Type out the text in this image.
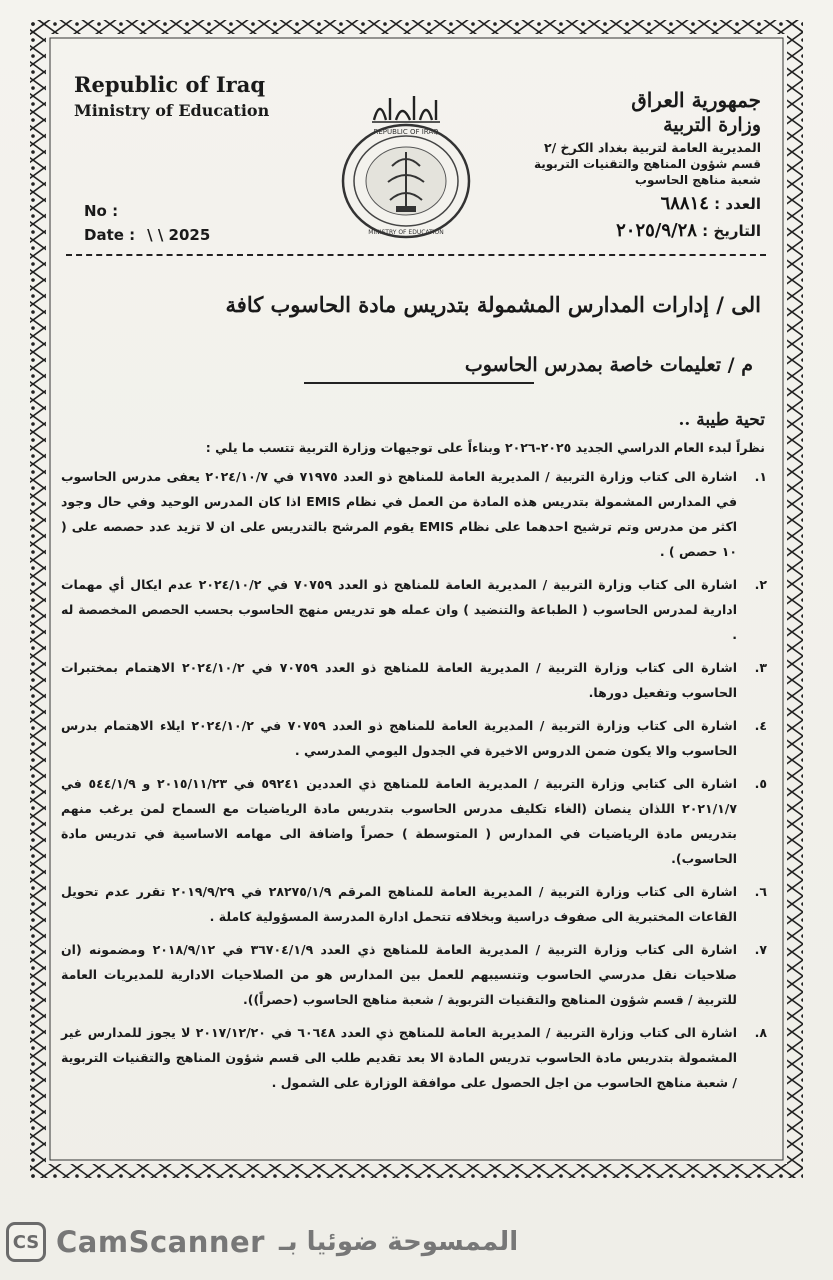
Republic of Iraq
Ministry of Education
No :
Date : \ \ 2025
REPUBLIC OF IRAQ
MINISTRY OF EDUCATION
جمهورية العراق
وزارة التربية
المديرية العامة لتربية بغداد الكرخ /٢
قسم شؤون المناهج والتقنيات التربوية
شعبة مناهج الحاسوب
العدد : ٦٨٨١٤
التاريخ : ٢٠٢٥/٩/٢٨
الى / إدارات المدارس المشمولة بتدريس مادة الحاسوب كافة
م / تعليمات خاصة بمدرس الحاسوب
تحية طيبة ..
نظراً لبدء العام الدراسي الجديد ٢٠٢٥-٢٠٢٦ وبناءاً على توجيهات وزارة التربية تتسب ما يلي :
١.
اشارة الى كتاب وزارة التربية / المديرية العامة للمناهج ذو العدد ٧١٩٧٥ في ٢٠٢٤/١٠/٧ يعفى مدرس الحاسوب في المدارس المشمولة بتدريس هذه المادة من العمل في نظام EMIS اذا كان المدرس الوحيد وفي حال وجود اكثر من مدرس وتم ترشيح احدهما على نظام EMIS يقوم المرشح بالتدريس على ان لا تزيد عدد حصصه على ( ١٠ حصص ) .
٢.
اشارة الى كتاب وزارة التربية / المديرية العامة للمناهج ذو العدد ٧٠٧٥٩ في ٢٠٢٤/١٠/٢ عدم ايكال أي مهمات ادارية لمدرس الحاسوب ( الطباعة والتنضيد ) وان عمله هو تدريس منهج الحاسوب بحسب الحصص المخصصة له .
٣.
اشارة الى كتاب وزارة التربية / المديرية العامة للمناهج ذو العدد ٧٠٧٥٩ في ٢٠٢٤/١٠/٢ الاهتمام بمختبرات الحاسوب وتفعيل دورها.
٤.
اشارة الى كتاب وزارة التربية / المديرية العامة للمناهج ذو العدد ٧٠٧٥٩ في ٢٠٢٤/١٠/٢ ايلاء الاهتمام بدرس الحاسوب والا يكون ضمن الدروس الاخيرة في الجدول اليومي المدرسي .
٥.
اشارة الى كتابي وزارة التربية / المديرية العامة للمناهج ذي العددين ٥٩٢٤١ في ٢٠١٥/١١/٢٣ و ٥٤٤/١/٩ في ٢٠٢١/١/٧ اللذان ينصان (الغاء تكليف مدرس الحاسوب بتدريس مادة الرياضيات مع السماح لمن يرغب منهم بتدريس مادة الرياضيات في المدارس ( المتوسطة ) حصراً واضافة الى مهامه الاساسية في تدريس مادة الحاسوب).
٦.
اشارة الى كتاب وزارة التربية / المديرية العامة للمناهج المرقم ٢٨٢٧٥/١/٩ في ٢٠١٩/٩/٢٩ تقرر عدم تحويل القاعات المختبرية الى صفوف دراسية وبخلافه تتحمل ادارة المدرسة المسؤولية كاملة .
٧.
اشارة الى كتاب وزارة التربية / المديرية العامة للمناهج ذي العدد ٣٦٧٠٤/١/٩ في ٢٠١٨/٩/١٢ ومضمونه (ان صلاحيات نقل مدرسي الحاسوب وتنسيبهم للعمل بين المدارس هو من الصلاحيات الادارية للمديريات العامة للتربية / قسم شؤون المناهج والتقنيات التربوية / شعبة مناهج الحاسوب (حصراً)).
٨.
اشارة الى كتاب وزارة التربية / المديرية العامة للمناهج ذي العدد ٦٠٦٤٨ في ٢٠١٧/١٢/٢٠ لا يجوز للمدارس غير المشمولة بتدريس مادة الحاسوب تدريس المادة الا بعد تقديم طلب الى قسم شؤون المناهج والتقنيات التربوية / شعبة مناهج الحاسوب من اجل الحصول على موافقة الوزارة على الشمول .
CS CamScanner الممسوحة ضوئيا بـ
